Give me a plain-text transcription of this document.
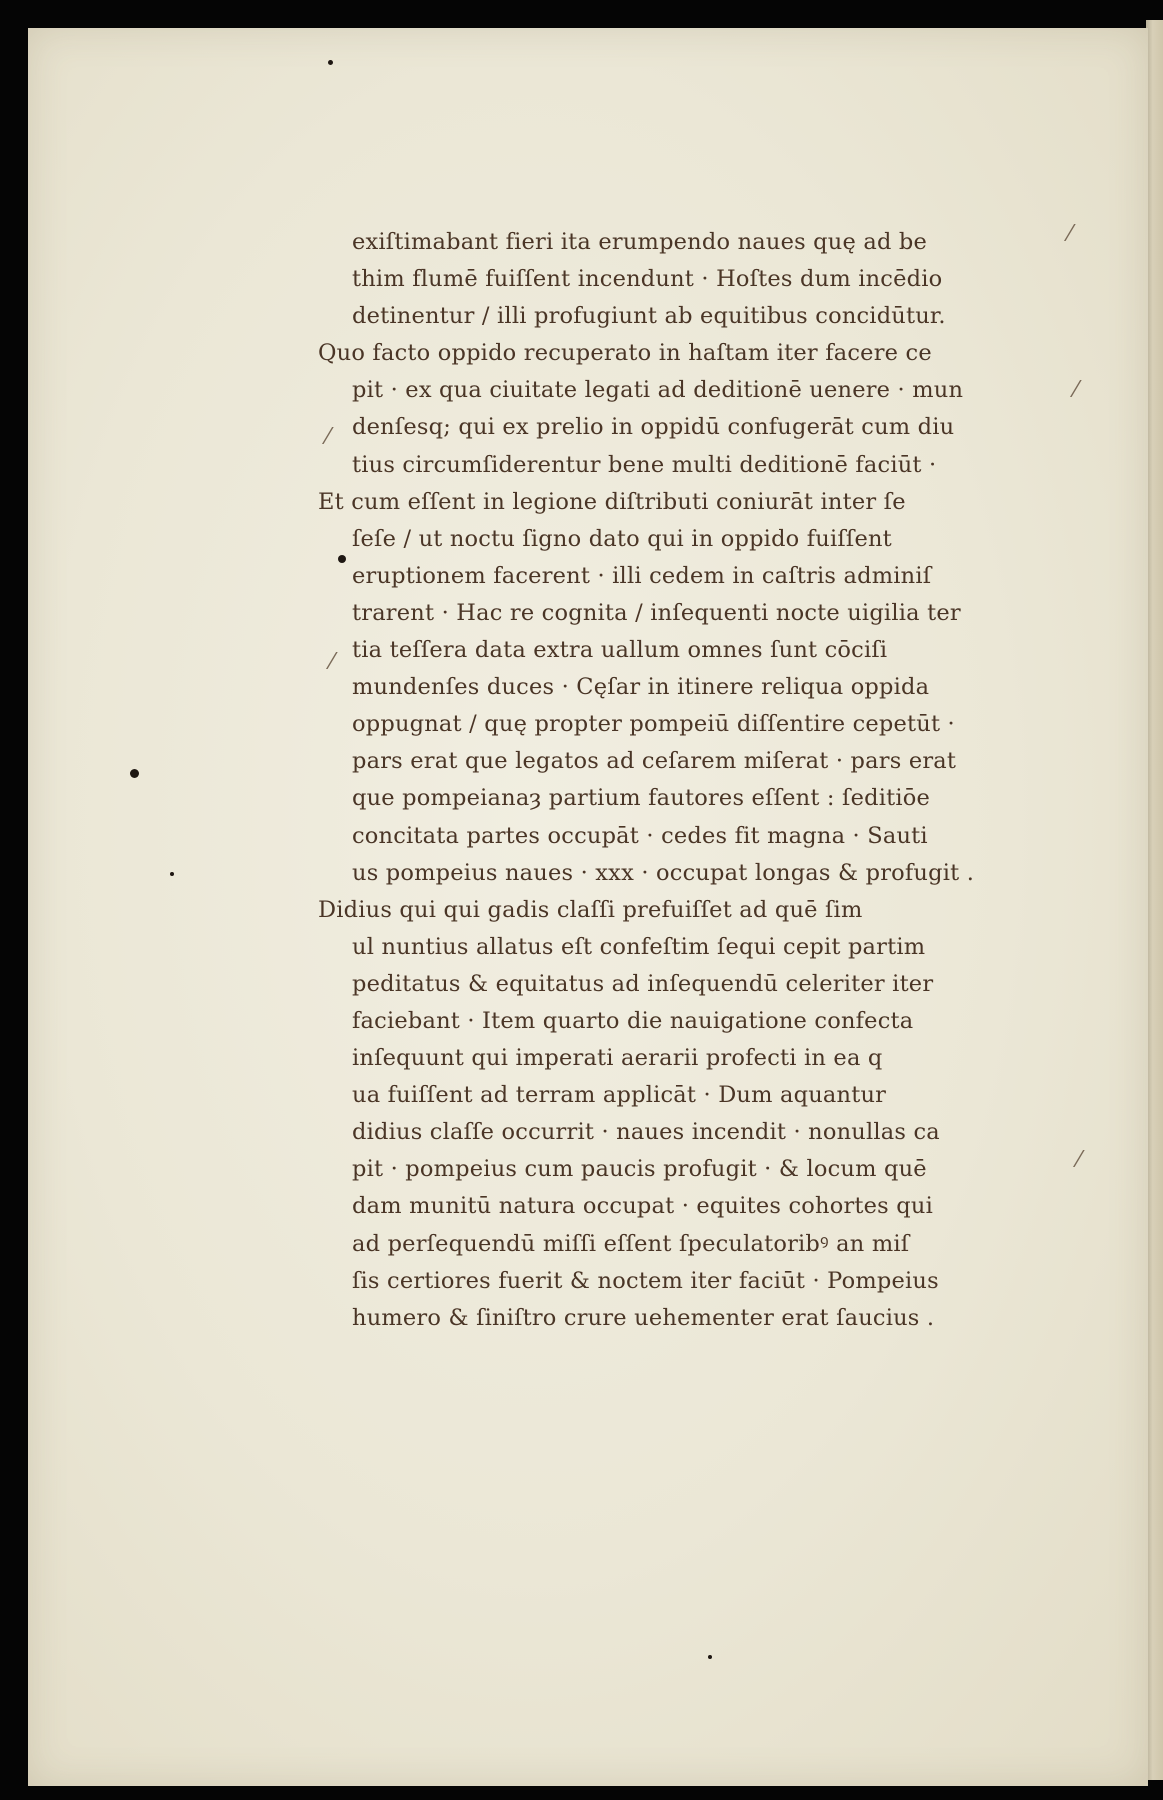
⁄
⁄
⁄
⁄
⁄
exiſtimabant fieri ita erumpendo naues quę ad be
thim flumē fuiſſent incendunt · Hoſtes dum incēdio
detinentur / illi profugiunt ab equitibus concidūtur.
Quo facto oppido recuperato in haſtam iter facere ce
pit · ex qua ciuitate legati ad deditionē uenere · mun
denſesq; qui ex prelio in oppidū confugerāt cum diu
tius circumſiderentur bene multi deditionē faciūt ·
Et cum eſſent in legione diſtributi coniurāt inter ſe
ſeſe / ut noctu ſigno dato qui in oppido fuiſſent
eruptionem facerent · illi cedem in caſtris adminiſ
trarent · Hac re cognita / inſequenti nocte uigilia ter
tia teſſera data extra uallum omnes ſunt cōciſi
mundenſes duces · Cęſar in itinere reliqua oppida
oppugnat / quę propter pompeiū diſſentire cepetūt ·
pars erat que legatos ad ceſarem miſerat · pars erat
que pompeianaȝ partium fautores eſſent : ſeditiōe
concitata partes occupāt · cedes fit magna · Sauti
us pompeius naues · xxx · occupat longas & profugit .
Didius qui qui gadis claſſi prefuiſſet ad quē ſim
ul nuntius allatus eſt confeſtim ſequi cepit partim
peditatus & equitatus ad inſequendū celeriter iter
faciebant · Item quarto die nauigatione confecta
inſequunt qui imperati aerarii profecti in ea q
ua fuiſſent ad terram applicāt · Dum aquantur
didius claſſe occurrit · naues incendit · nonullas ca
pit · pompeius cum paucis profugit · & locum quē
dam munitū natura occupat · equites cohortes qui
ad perſequendū miſſi eſſent ſpeculatoribꝰ an miſ
ſis certiores fuerit & noctem iter faciūt · Pompeius
humero & ſiniſtro crure uehementer erat ſaucius .
